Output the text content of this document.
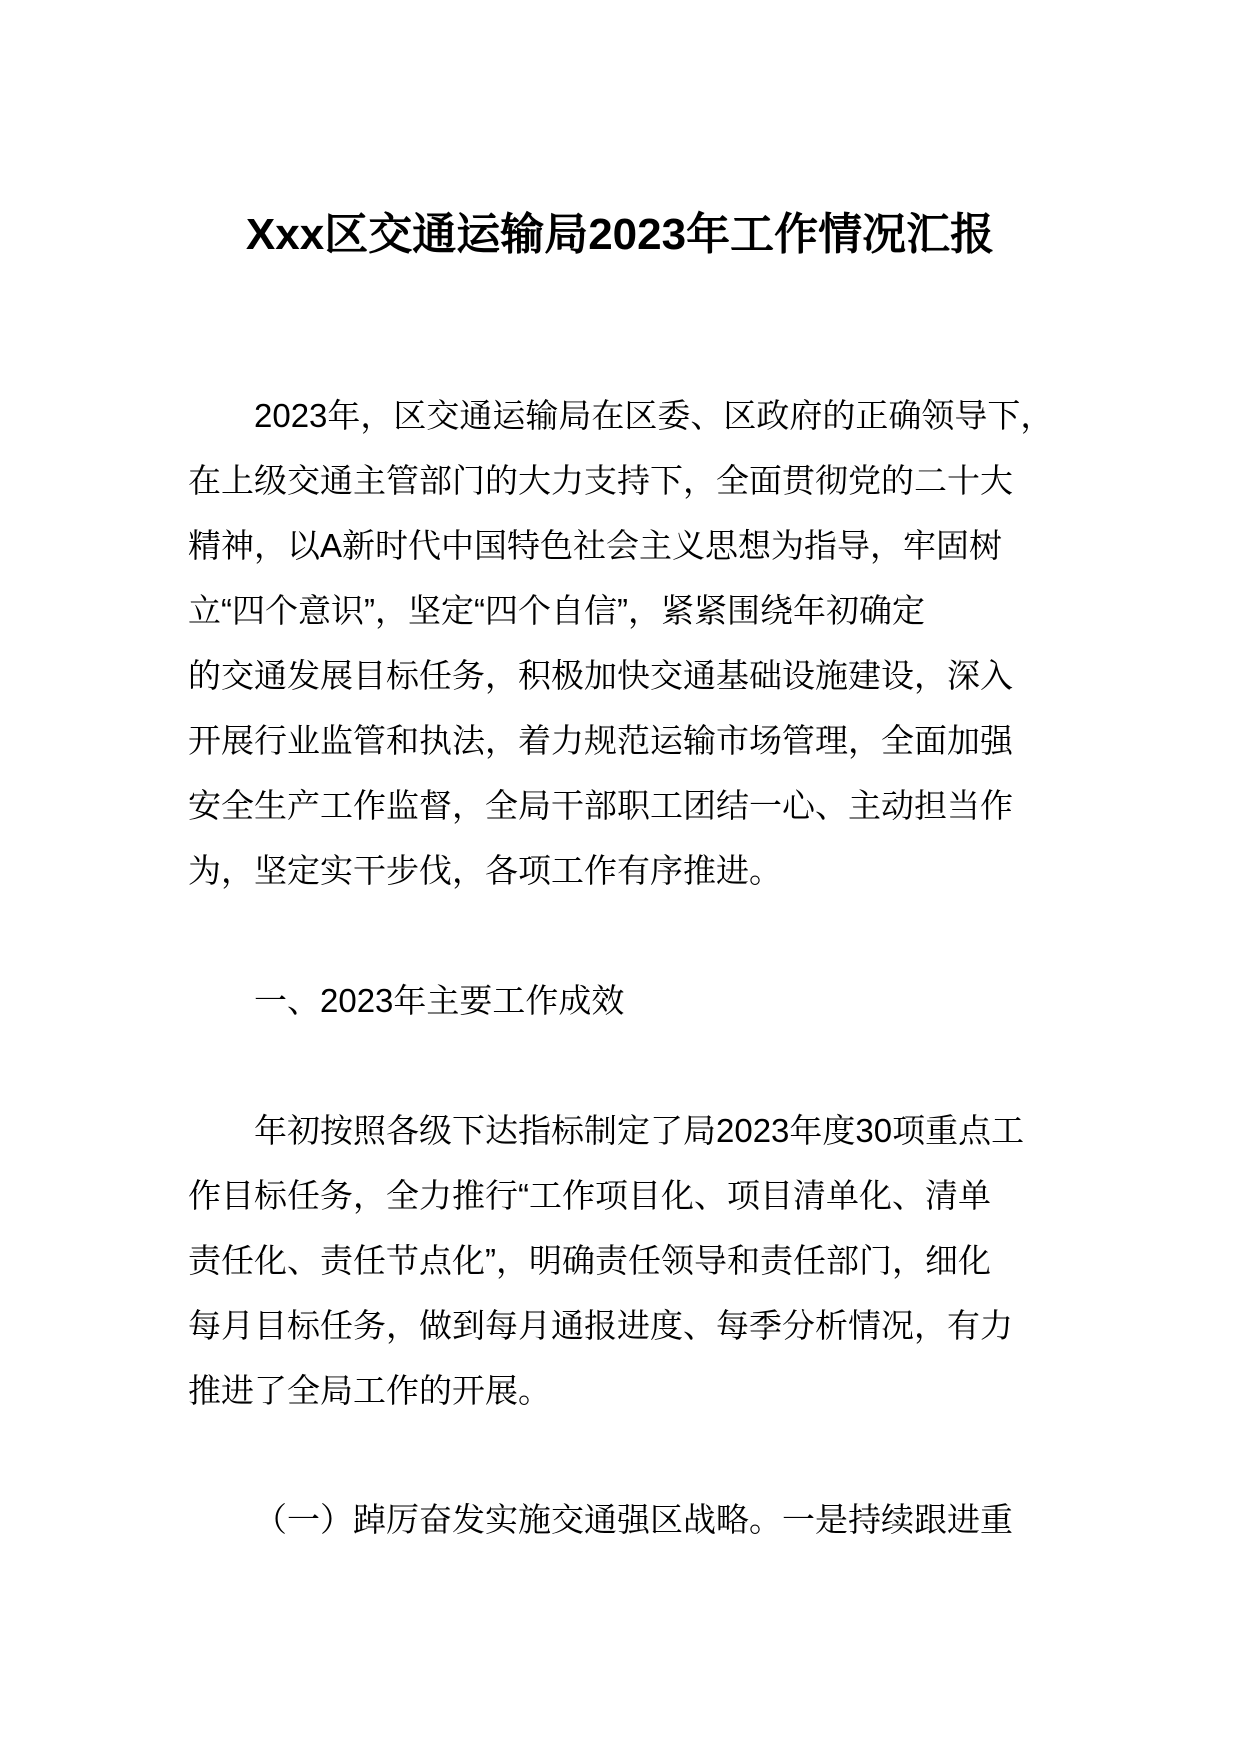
Xxx区交通运输局2023年工作情况汇报
2023年，区交通运输局在区委、区政府的正确领导下，
在上级交通主管部门的大力支持下，全面贯彻党的二十大
精神，以A新时代中国特色社会主义思想为指导，牢固树
立“四个意识”，坚定“四个自信”，紧紧围绕年初确定
的交通发展目标任务，积极加快交通基础设施建设，深入
开展行业监管和执法，着力规范运输市场管理，全面加强
安全生产工作监督，全局干部职工团结一心、主动担当作
为，坚定实干步伐，各项工作有序推进。
一、2023年主要工作成效
年初按照各级下达指标制定了局2023年度30项重点工
作目标任务，全力推行“工作项目化、项目清单化、清单
责任化、责任节点化”，明确责任领导和责任部门，细化
每月目标任务，做到每月通报进度、每季分析情况，有力
推进了全局工作的开展。
（一）踔厉奋发实施交通强区战略。一是持续跟进重
